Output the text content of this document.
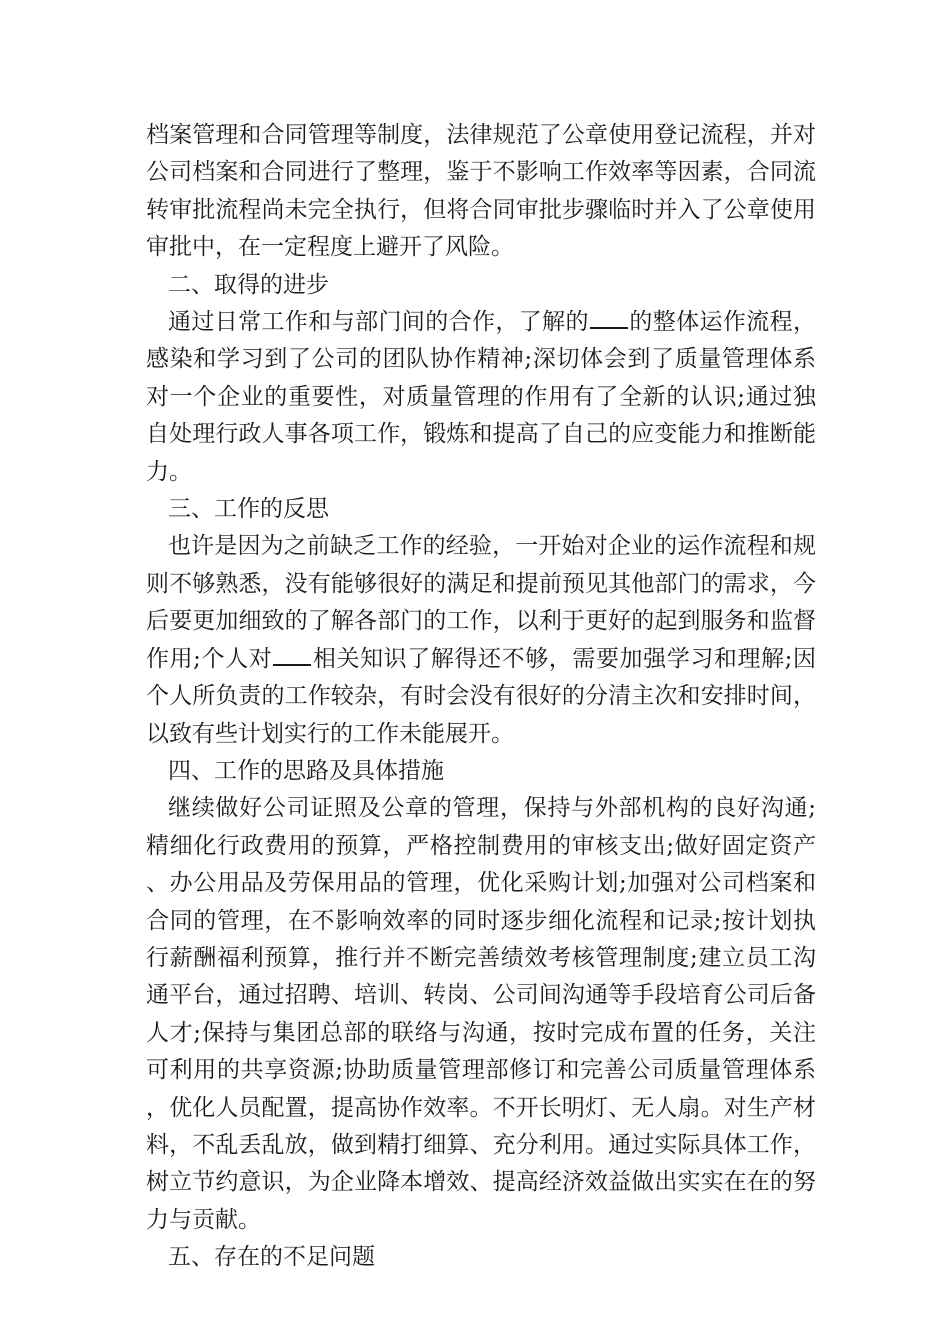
档案管理和合同管理等制度，法律规范了公章使用登记流程，并对公司档案和合同进行了整理，鉴于不影响工作效率等因素，合同流转审批流程尚未完全执行，但将合同审批步骤临时并入了公章使用审批中，在一定程度上避开了风险。

二、取得的进步

通过日常工作和与部门间的合作，了解的 的整体运作流程，感染和学习到了公司的团队协作精神;深切体会到了质量管理体系对一个企业的重要性，对质量管理的作用有了全新的认识;通过独自处理行政人事各项工作，锻炼和提高了自己的应变能力和推断能力。

三、工作的反思

也许是因为之前缺乏工作的经验，一开始对企业的运作流程和规则不够熟悉，没有能够很好的满足和提前预见其他部门的需求，今后要更加细致的了解各部门的工作，以利于更好的起到服务和监督作用;个人对 相关知识了解得还不够，需要加强学习和理解;因个人所负责的工作较杂，有时会没有很好的分清主次和安排时间，以致有些计划实行的工作未能展开。

四、工作的思路及具体措施

继续做好公司证照及公章的管理，保持与外部机构的良好沟通;精细化行政费用的预算，严格控制费用的审核支出;做好固定资产、办公用品及劳保用品的管理，优化采购计划;加强对公司档案和合同的管理，在不影响效率的同时逐步细化流程和记录;按计划执行薪酬福利预算，推行并不断完善绩效考核管理制度;建立员工沟通平台，通过招聘、培训、转岗、公司间沟通等手段培育公司后备人才;保持与集团总部的联络与沟通，按时完成布置的任务，关注可利用的共享资源;协助质量管理部修订和完善公司质量管理体系，优化人员配置，提高协作效率。不开长明灯、无人扇。对生产材料，不乱丢乱放，做到精打细算、充分利用。通过实际具体工作，树立节约意识，为企业降本增效、提高经济效益做出实实在在的努力与贡献。

五、存在的不足问题
